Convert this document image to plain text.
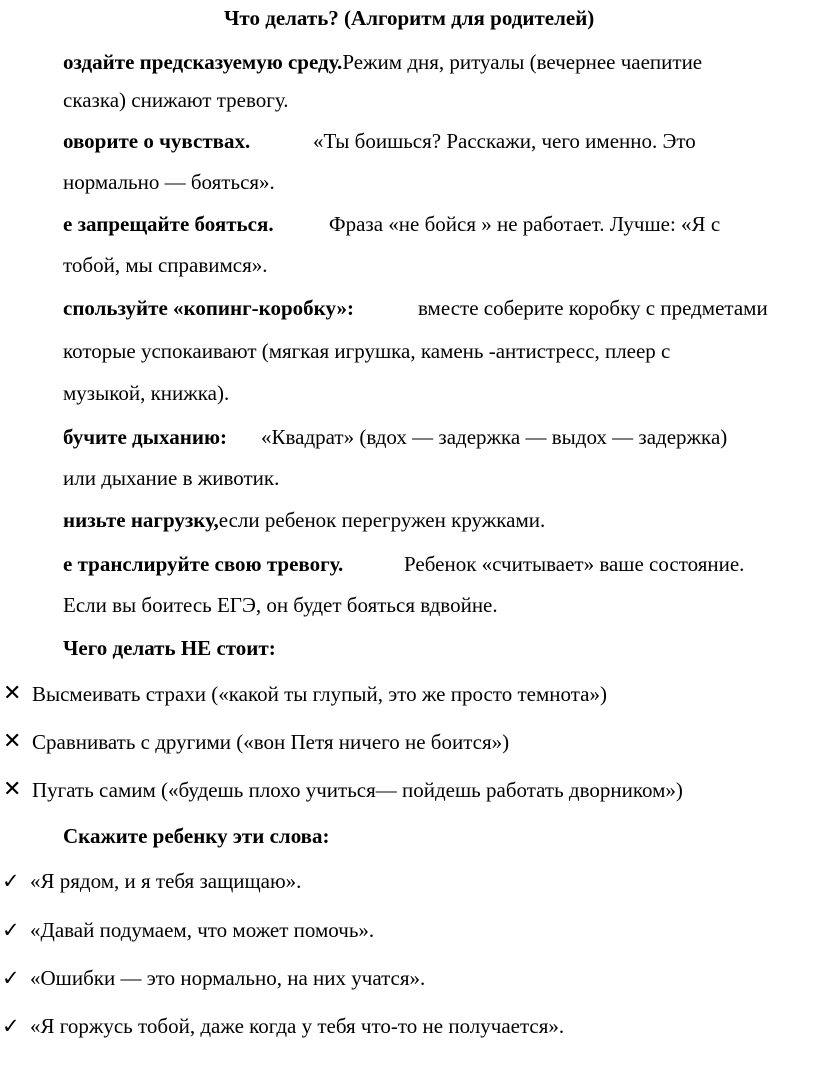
Что делать? (Алгоритм для родителей)
оздайте предсказуемую среду.Режим дня, ритуалы (вечернее чаепитие
сказка) снижают тревогу.
оворите о чувствах.	«Ты боишься? Расскажи, чего именно. Это
нормально — бояться».
е запрещайте бояться.	Фраза «не бойся » не работает. Лучше: «Я с
тобой, мы справимся».
спользуйте «копинг-коробку»:	вместе соберите коробку с предметами
которые успокаивают (мягкая игрушка, камень -антистресс, плеер с
музыкой, книжка).
бучите дыханию: «Квадрат» (вдох — задержка — выдох — задержка)
или дыхание в животик.
низьте нагрузку,если ребенок перегружен кружками.
е транслируйте свою тревогу.	Ребенок «считывает» ваше состояние.
Если вы боитесь ЕГЭ, он будет бояться вдвойне.
Чего делать НЕ стоит:
✕ Высмеивать страхи («какой ты глупый, это же просто темнота»)
✕ Сравнивать с другими («вон Петя ничего не боится»)
✕ Пугать самим («будешь плохо учиться— пойдешь работать дворником»)
Скажите ребенку эти слова:
✓ «Я рядом, и я тебя защищаю».
✓ «Давай подумаем, что может помочь».
✓ «Ошибки — это нормально, на них учатся».
✓ «Я горжусь тобой, даже когда у тебя что-то не получается».
